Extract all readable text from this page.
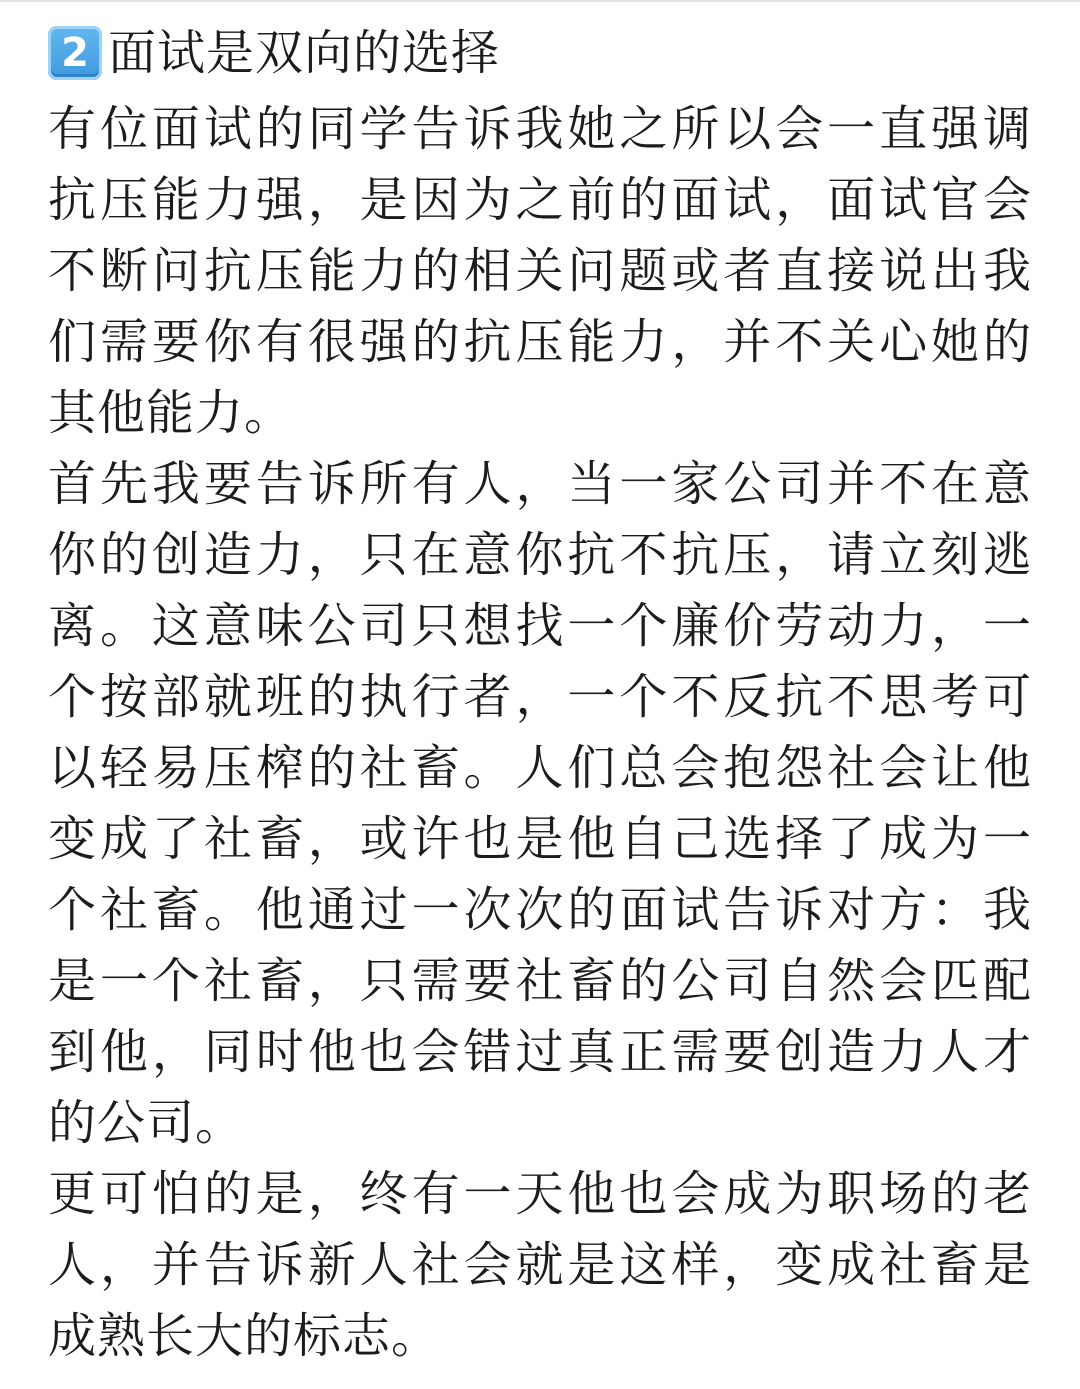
2 面试是双向的选择
有位面试的同学告诉我她之所以会一直强调
抗压能力强，是因为之前的面试，面试官会
不断问抗压能力的相关问题或者直接说出我
们需要你有很强的抗压能力，并不关心她的
其他能力。
首先我要告诉所有人，当一家公司并不在意
你的创造力，只在意你抗不抗压，请立刻逃
离。这意味公司只想找一个廉价劳动力，一
个按部就班的执行者，一个不反抗不思考可
以轻易压榨的社畜。人们总会抱怨社会让他
变成了社畜，或许也是他自己选择了成为一
个社畜。他通过一次次的面试告诉对方：我
是一个社畜，只需要社畜的公司自然会匹配
到他，同时他也会错过真正需要创造力人才
的公司。
更可怕的是，终有一天他也会成为职场的老
人，并告诉新人社会就是这样，变成社畜是
成熟长大的标志。
